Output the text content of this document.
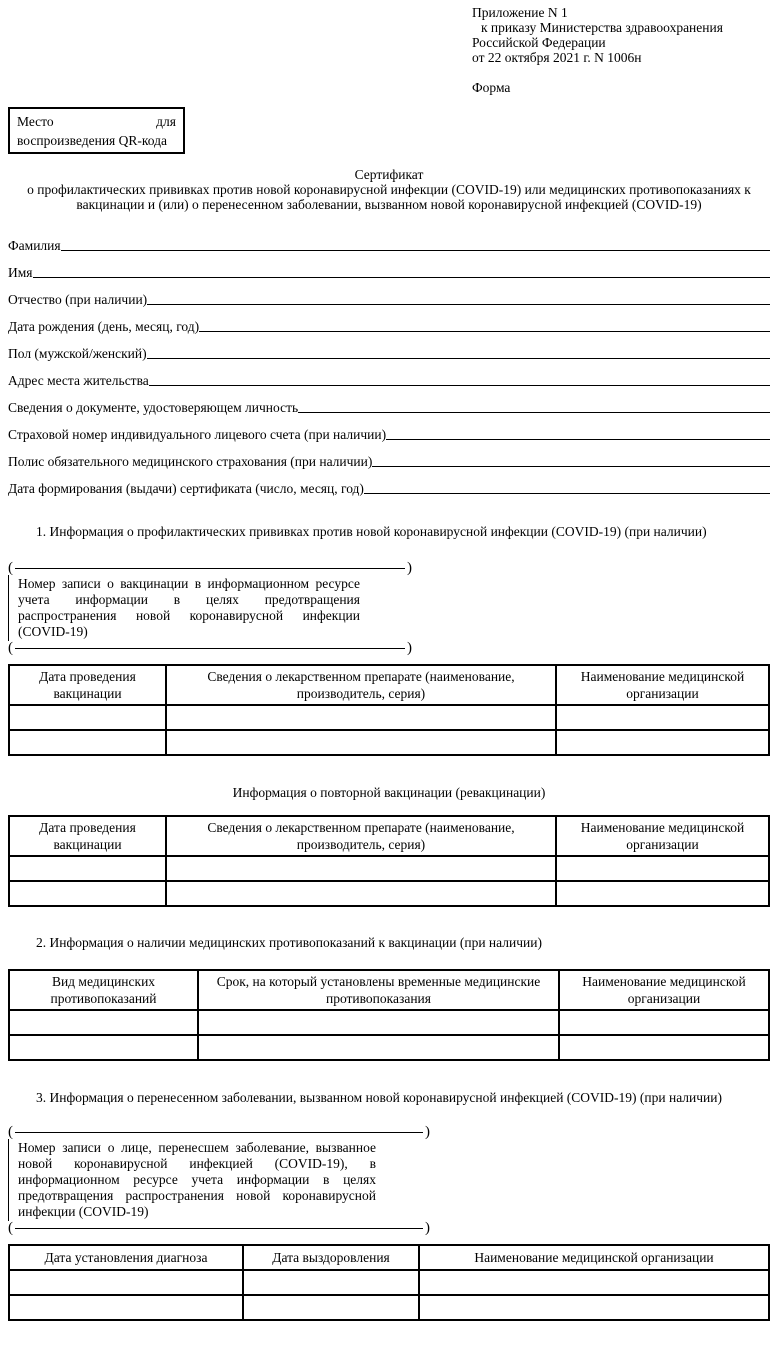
Приложение N 1
к приказу Министерства здравоохранения
Российской Федерации
от 22 октября 2021 г. N 1006н
Форма
Место для воспроизведения QR-кода
Сертификат
о профилактических прививках против новой коронавирусной инфекции (COVID-19) или медицинских противопоказаниях к вакцинации и (или) о перенесенном заболевании, вызванном новой коронавирусной инфекцией (COVID-19)
Фамилия
Имя
Отчество (при наличии)
Дата рождения (день, месяц, год)
Пол (мужской/женский)
Адрес места жительства
Сведения о документе, удостоверяющем личность
Страховой номер индивидуального лицевого счета (при наличии)
Полис обязательного медицинского страхования (при наличии)
Дата формирования (выдачи) сертификата (число, месяц, год)
1. Информация о профилактических прививках против новой коронавирусной инфекции (COVID-19) (при наличии)
(	)
Номер записи о вакцинации в информационном ресурсе учета информации в целях предотвращения распространения новой коронавирусной инфекции (COVID-19)
(	)
Дата проведения вакцинации	Сведения о лекарственном препарате (наименование, производитель, серия)	Наименование медицинской организации

Информация о повторной вакцинации (ревакцинации)
Дата проведения вакцинации	Сведения о лекарственном препарате (наименование, производитель, серия)	Наименование медицинской организации

2. Информация о наличии медицинских противопоказаний к вакцинации (при наличии)
Вид медицинских противопоказаний	Срок, на который установлены временные медицинские противопоказания	Наименование медицинской организации

3. Информация о перенесенном заболевании, вызванном новой коронавирусной инфекцией (COVID-19) (при наличии)
(	)
Номер записи о лице, перенесшем заболевание, вызванное новой коронавирусной инфекцией (COVID-19), в информационном ресурсе учета информации в целях предотвращения распространения новой коронавирусной инфекции (COVID-19)
(	)
Дата установления диагноза	Дата выздоровления	Наименование медицинской организации
